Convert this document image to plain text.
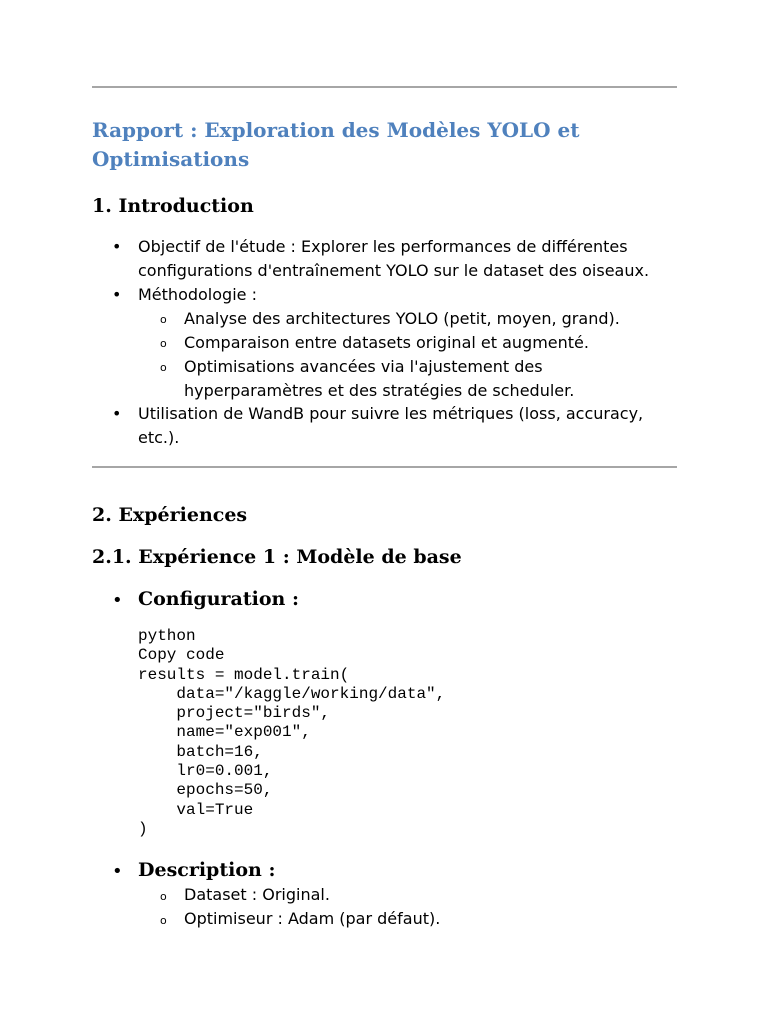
Rapport : Exploration des Modèles YOLO et Optimisations
1. Introduction
• Objectif de l'étude : Explorer les performances de différentes configurations d'entraînement YOLO sur le dataset des oiseaux.
• Méthodologie :
o Analyse des architectures YOLO (petit, moyen, grand).
o Comparaison entre datasets original et augmenté.
o Optimisations avancées via l'ajustement des hyperparamètres et des stratégies de scheduler.
• Utilisation de WandB pour suivre les métriques (loss, accuracy, etc.).
2. Expériences
2.1. Expérience 1 : Modèle de base
• Configuration :
python
Copy code
results = model.train(
data="/kaggle/working/data",
project="birds",
name="exp001",
batch=16,
lr0=0.001,
epochs=50,
val=True
)
• Description :
o Dataset : Original.
o Optimiseur : Adam (par défaut).
